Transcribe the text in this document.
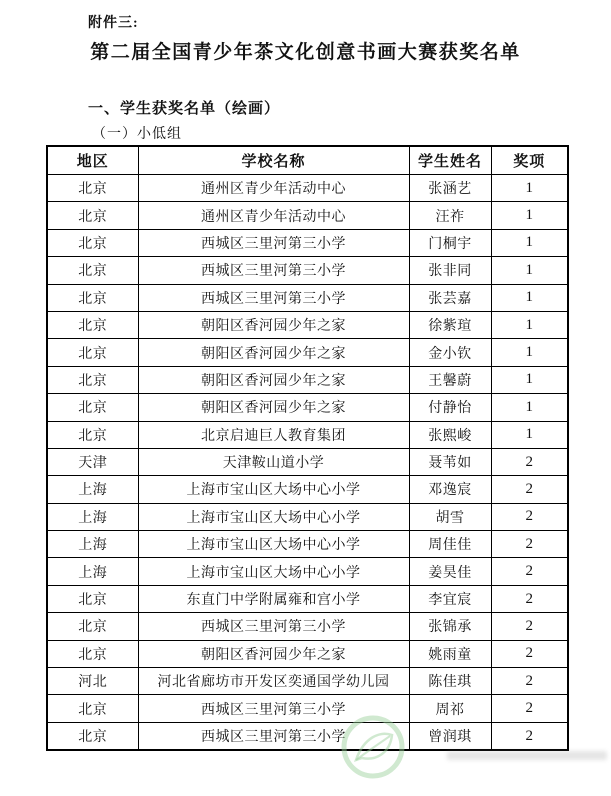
附件三:
第二届全国青少年茶文化创意书画大赛获奖名单
一、学生获奖名单（绘画）
（一）小低组
地区	学校名称	学生姓名	奖项
北京	通州区青少年活动中心	张涵艺	1
北京	通州区青少年活动中心	汪祚	1
北京	西城区三里河第三小学	门桐宇	1
北京	西城区三里河第三小学	张非同	1
北京	西城区三里河第三小学	张芸嘉	1
北京	朝阳区香河园少年之家	徐紫瑄	1
北京	朝阳区香河园少年之家	金小钦	1
北京	朝阳区香河园少年之家	王馨蔚	1
北京	朝阳区香河园少年之家	付静怡	1
北京	北京启迪巨人教育集团	张熙峻	1
天津	天津鞍山道小学	聂苇如	2
上海	上海市宝山区大场中心小学	邓逸宸	2
上海	上海市宝山区大场中心小学	胡雪	2
上海	上海市宝山区大场中心小学	周佳佳	2
上海	上海市宝山区大场中心小学	姜昊佳	2
北京	东直门中学附属雍和宫小学	李宜宸	2
北京	西城区三里河第三小学	张锦承	2
北京	朝阳区香河园少年之家	姚雨童	2
河北	河北省廊坊市开发区奕通国学幼儿园	陈佳琪	2
北京	西城区三里河第三小学	周祁	2
北京	西城区三里河第三小学	曾润琪	2
